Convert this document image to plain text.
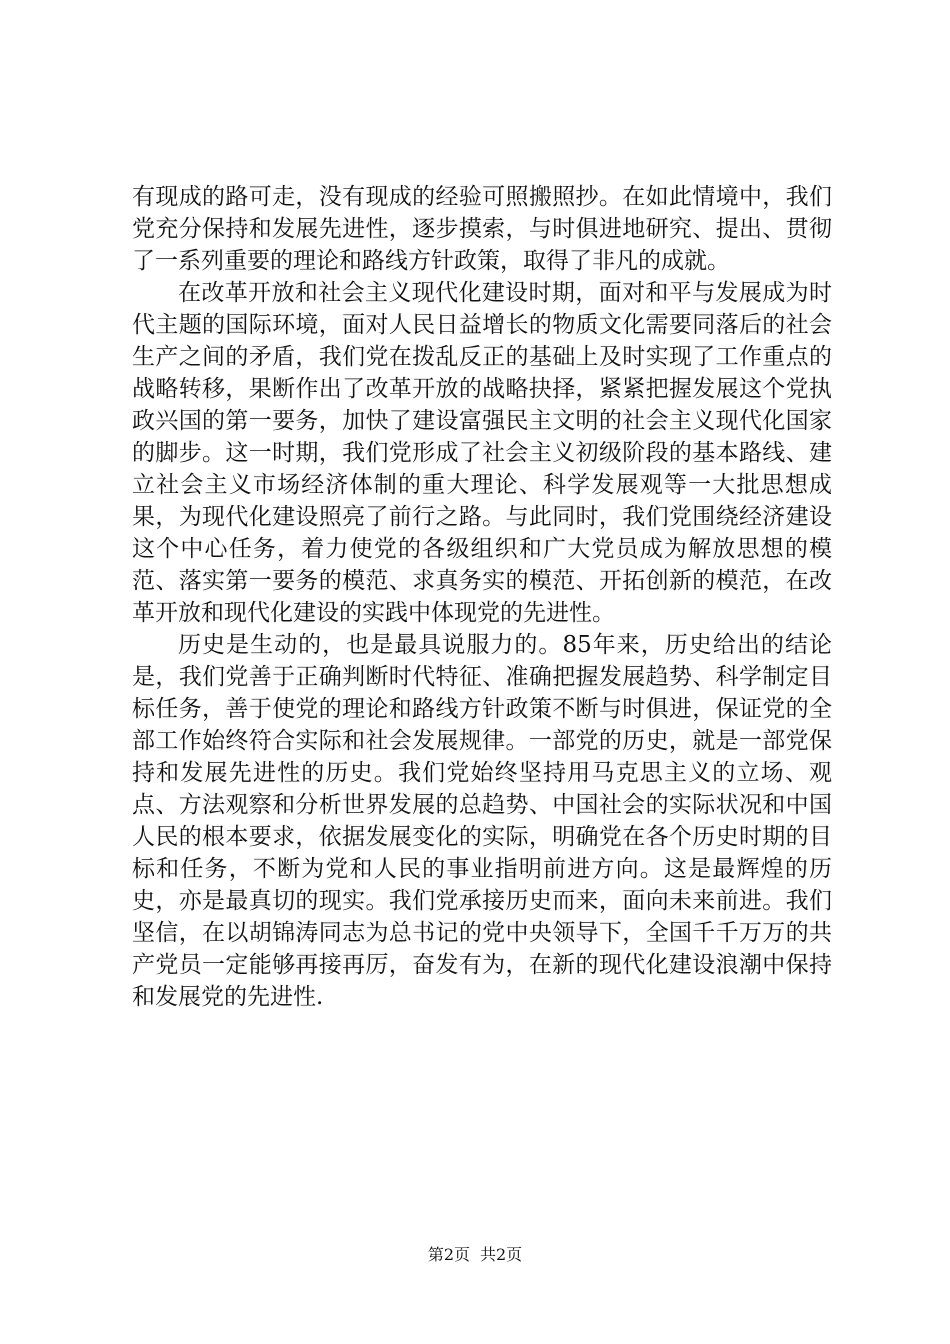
有现成的路可走，没有现成的经验可照搬照抄。在如此情境中，我们党充分保持和发展先进性，逐步摸索，与时俱进地研究、提出、贯彻了一系列重要的理论和路线方针政策，取得了非凡的成就。

在改革开放和社会主义现代化建设时期，面对和平与发展成为时代主题的国际环境，面对人民日益增长的物质文化需要同落后的社会生产之间的矛盾，我们党在拨乱反正的基础上及时实现了工作重点的战略转移，果断作出了改革开放的战略抉择，紧紧把握发展这个党执政兴国的第一要务，加快了建设富强民主文明的社会主义现代化国家的脚步。这一时期，我们党形成了社会主义初级阶段的基本路线、建立社会主义市场经济体制的重大理论、科学发展观等一大批思想成果，为现代化建设照亮了前行之路。与此同时，我们党围绕经济建设这个中心任务，着力使党的各级组织和广大党员成为解放思想的模范、落实第一要务的模范、求真务实的模范、开拓创新的模范，在改革开放和现代化建设的实践中体现党的先进性。

历史是生动的，也是最具说服力的。85年来，历史给出的结论是，我们党善于正确判断时代特征、准确把握发展趋势、科学制定目标任务，善于使党的理论和路线方针政策不断与时俱进，保证党的全部工作始终符合实际和社会发展规律。一部党的历史，就是一部党保持和发展先进性的历史。我们党始终坚持用马克思主义的立场、观点、方法观察和分析世界发展的总趋势、中国社会的实际状况和中国人民的根本要求，依据发展变化的实际，明确党在各个历史时期的目标和任务，不断为党和人民的事业指明前进方向。这是最辉煌的历史，亦是最真切的现实。我们党承接历史而来，面向未来前进。我们坚信，在以胡锦涛同志为总书记的党中央领导下，全国千千万万的共产党员一定能够再接再厉，奋发有为，在新的现代化建设浪潮中保持和发展党的先进性.

第2页 共2页
